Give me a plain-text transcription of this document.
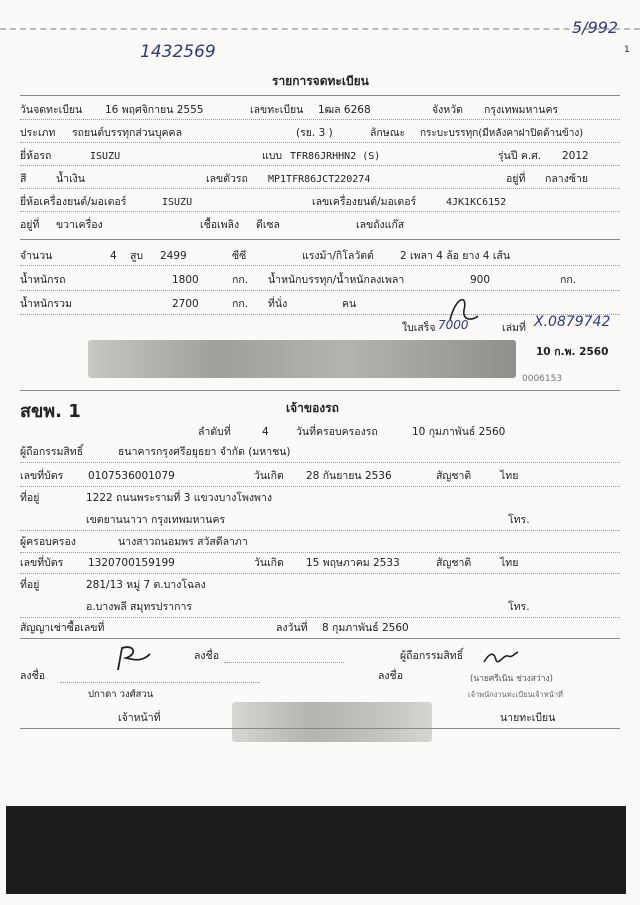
5/992
1
1432569
รายการจดทะเบียน
วันจดทะเบียน 16 พฤศจิกายน 2555	เลขทะเบียน 1ฒล 6268	จังหวัด กรุงเทพมหานคร
ประเภท รถยนต์บรรทุกส่วนบุคคล	(รย. 3 )	ลักษณะ กระบะบรรทุก(มีหลังคาฝาปิดด้านข้าง)
ยี่ห้อรถ	ISUZU	แบบ TFR86JRHHN2 (S)	รุ่นปี ค.ศ. 2012
สี	น้ำเงิน	เลขตัวรถ MP1TFR86JCT220274	อยู่ที่ กลางซ้าย
ยี่ห้อเครื่องยนต์/มอเตอร์	ISUZU	เลขเครื่องยนต์/มอเตอร์	4JK1KC6152
อยู่ที่ ขวาเครื่อง	เชื้อเพลิง ดีเซล	เลขถังแก๊ส
จำนวน	4 สูบ 2499	ซีซี	แรงม้า/กิโลวัตต์ 2 เพลา 4 ล้อ ยาง 4 เส้น
น้ำหนักรถ	1800	กก. น้ำหนักบรรทุก/น้ำหนักลงเพลา	900	กก.
น้ำหนักรวม	2700	กก. ที่นั่ง	คน
ใบเสร็จ 7000	เล่มที่ X.0879742
10 ก.พ. 2560
0006153
สขพ. 1	เจ้าของรถ
ลำดับที่	4	วันที่ครอบครองรถ	10 กุมภาพันธ์ 2560
ผู้ถือกรรมสิทธิ์	ธนาคารกรุงศรีอยุธยา จำกัด (มหาชน)
เลขที่บัตร 0107536001079	วันเกิด 28 กันยายน 2536	สัญชาติ	ไทย
ที่อยู่	1222 ถนนพระรามที่ 3 แขวงบางโพงพาง
เขตยานนาวา กรุงเทพมหานคร	โทร.
ผู้ครอบครอง	นางสาวถนอมพร สวัสดีลาภา
เลขที่บัตร 1320700159199	วันเกิด 15 พฤษภาคม 2533	สัญชาติ	ไทย
ที่อยู่	281/13 หมู่ 7 ต.บางโฉลง
อ.บางพลี สมุทรปราการ	โทร.
สัญญาเช่าซื้อเลขที่	ลงวันที่ 8 กุมภาพันธ์ 2560
ลงชื่อ	ผู้ถือกรรมสิทธิ์
ลงชื่อ
ปกาดา วงศ์สวน
ลงชื่อ	(นายศรีเนิน ช่วงสว่าง)
เจ้าพนักงานทะเบียนเจ้าหน้าที่
เจ้าหน้าที่	นายทะเบียน
